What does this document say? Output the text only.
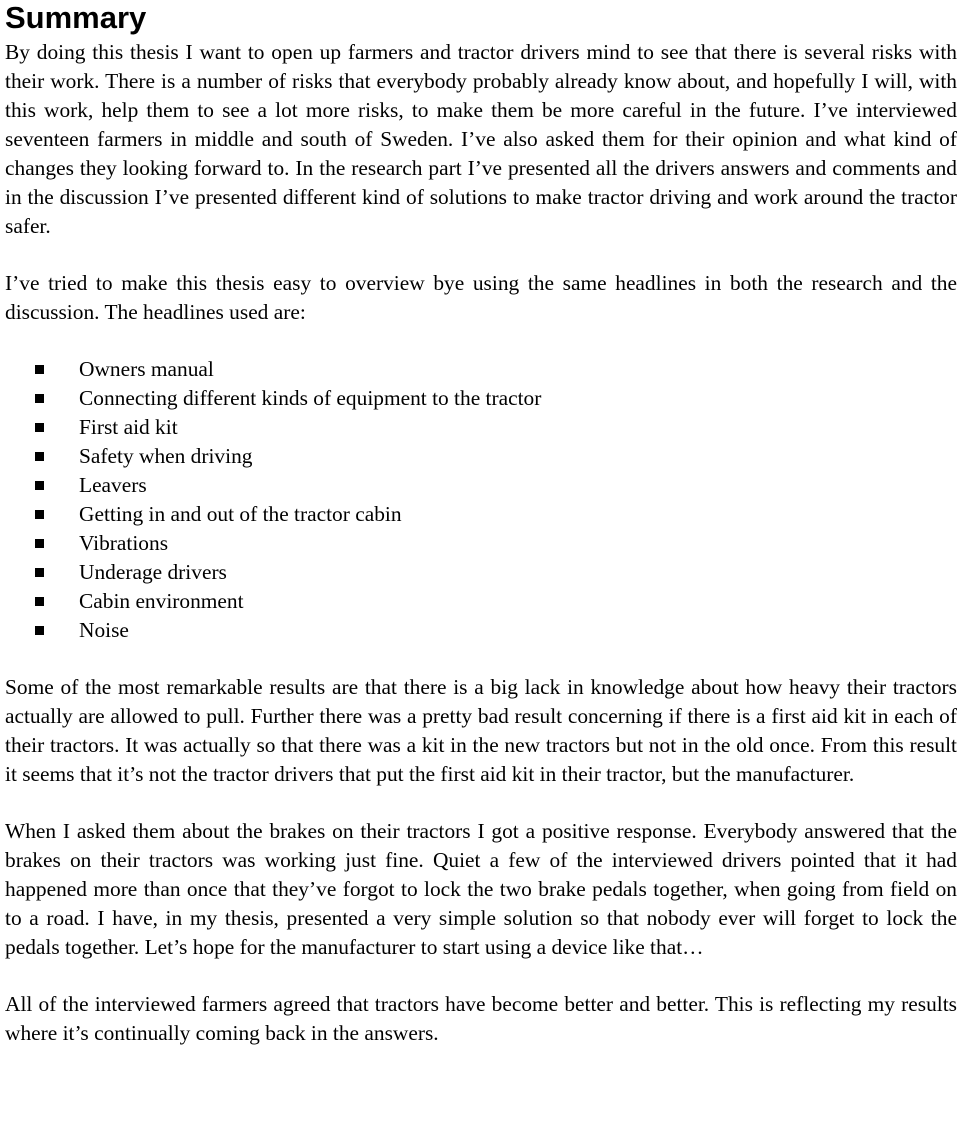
Summary

By doing this thesis I want to open up farmers and tractor drivers mind to see that there is several risks with their work. There is a number of risks that everybody probably already know about, and hopefully I will, with this work, help them to see a lot more risks, to make them be more careful in the future. I’ve interviewed seventeen farmers in middle and south of Sweden. I’ve also asked them for their opinion and what kind of changes they looking forward to. In the research part I’ve presented all the drivers answers and comments and in the discussion I’ve presented different kind of solutions to make tractor driving and work around the tractor safer.

I’ve tried to make this thesis easy to overview bye using the same headlines in both the research and the discussion. The headlines used are:

Owners manual
Connecting different kinds of equipment to the tractor
First aid kit
Safety when driving
Leavers
Getting in and out of the tractor cabin
Vibrations
Underage drivers
Cabin environment
Noise

Some of the most remarkable results are that there is a big lack in knowledge about how heavy their tractors actually are allowed to pull. Further there was a pretty bad result concerning if there is a first aid kit in each of their tractors. It was actually so that there was a kit in the new tractors but not in the old once. From this result it seems that it’s not the tractor drivers that put the first aid kit in their tractor, but the manufacturer.

When I asked them about the brakes on their tractors I got a positive response. Everybody answered that the brakes on their tractors was working just fine. Quiet a few of the interviewed drivers pointed that it had happened more than once that they’ve forgot to lock the two brake pedals together, when going from field on to a road. I have, in my thesis, presented a very simple solution so that nobody ever will forget to lock the pedals together. Let’s hope for the manufacturer to start using a device like that…

All of the interviewed farmers agreed that tractors have become better and better. This is reflecting my results where it’s continually coming back in the answers.
